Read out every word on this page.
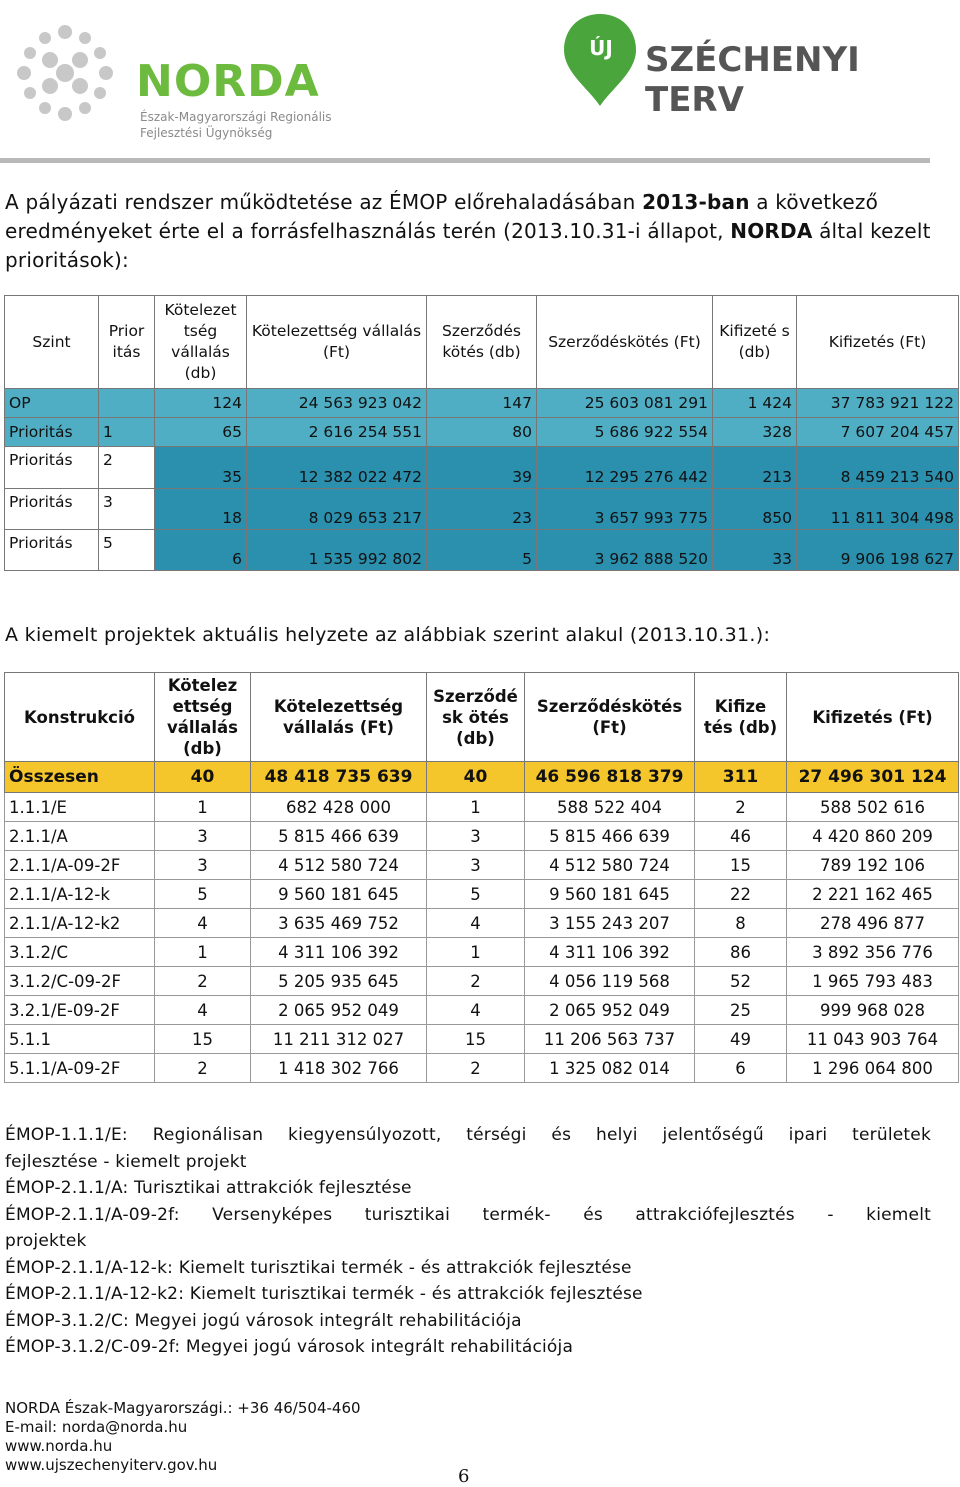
NORDA
Észak-Magyarországi Regionális
Fejlesztési Ügynökség
ÚJ SZÉCHENYI TERV
A pályázati rendszer működtetése az ÉMOP előrehaladásában 2013-ban a következő eredményeket érte el a forrásfelhasználás terén (2013.10.31-i állapot, NORDA által kezelt prioritások):
Szint	Prior itás	Kötelezet tség vállalás (db)	Kötelezettség vállalás (Ft)	Szerződés kötés (db)	Szerződéskötés (Ft)	Kifizeté s (db)	Kifizetés (Ft)
OP		124	24 563 923 042	147	25 603 081 291	1 424	37 783 921 122
Prioritás	1	65	2 616 254 551	80	5 686 922 554	328	7 607 204 457
Prioritás	2	35	12 382 022 472	39	12 295 276 442	213	8 459 213 540
Prioritás	3	18	8 029 653 217	23	3 657 993 775	850	11 811 304 498
Prioritás	5	6	1 535 992 802	5	3 962 888 520	33	9 906 198 627
A kiemelt projektek aktuális helyzete az alábbiak szerint alakul (2013.10.31.):
Konstrukció	Kötelez ettség vállalás (db)	Kötelezettség vállalás (Ft)	Szerződé sk ötés (db)	Szerződéskötés (Ft)	Kifize tés (db)	Kifizetés (Ft)
Összesen	40	48 418 735 639	40	46 596 818 379	311	27 496 301 124
1.1.1/E	1	682 428 000	1	588 522 404	2	588 502 616
2.1.1/A	3	5 815 466 639	3	5 815 466 639	46	4 420 860 209
2.1.1/A-09-2F	3	4 512 580 724	3	4 512 580 724	15	789 192 106
2.1.1/A-12-k	5	9 560 181 645	5	9 560 181 645	22	2 221 162 465
2.1.1/A-12-k2	4	3 635 469 752	4	3 155 243 207	8	278 496 877
3.1.2/C	1	4 311 106 392	1	4 311 106 392	86	3 892 356 776
3.1.2/C-09-2F	2	5 205 935 645	2	4 056 119 568	52	1 965 793 483
3.2.1/E-09-2F	4	2 065 952 049	4	2 065 952 049	25	999 968 028
5.1.1	15	11 211 312 027	15	11 206 563 737	49	11 043 903 764
5.1.1/A-09-2F	2	1 418 302 766	2	1 325 082 014	6	1 296 064 800
ÉMOP-1.1.1/E: Regionálisan kiegyensúlyozott, térségi és helyi jelentőségű ipari területek
fejlesztése - kiemelt projekt
ÉMOP-2.1.1/A: Turisztikai attrakciók fejlesztése
ÉMOP-2.1.1/A-09-2f: Versenyképes turisztikai termék- és attrakciófejlesztés - kiemelt
projektek
ÉMOP-2.1.1/A-12-k: Kiemelt turisztikai termék - és attrakciók fejlesztése
ÉMOP-2.1.1/A-12-k2: Kiemelt turisztikai termék - és attrakciók fejlesztése
ÉMOP-3.1.2/C: Megyei jogú városok integrált rehabilitációja
ÉMOP-3.1.2/C-09-2f: Megyei jogú városok integrált rehabilitációja
NORDA Észak-Magyarországi.: +36 46/504-460
E-mail: norda@norda.hu
www.norda.hu
www.ujszechenyiterv.gov.hu
6
